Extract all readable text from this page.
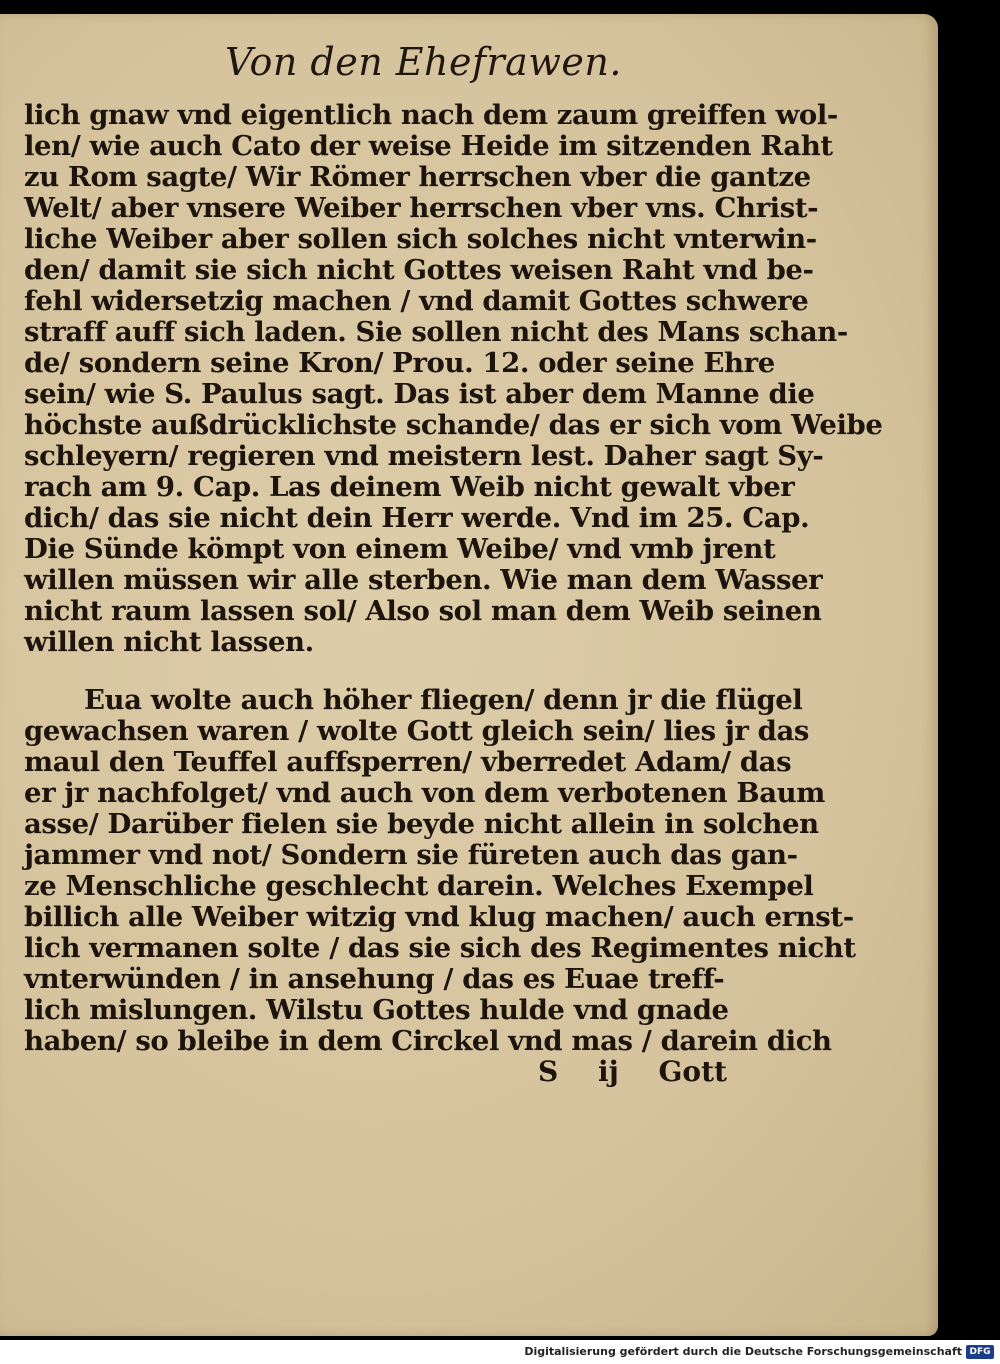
Von den Ehefrawen.
lich gnaw vnd eigentlich nach dem zaum greiffen wol-
len/ wie auch Cato der weise Heide im sitzenden Raht
zu Rom sagte/ Wir Römer herrschen vber die gantze
Welt/ aber vnsere Weiber herrschen vber vns. Christ-
liche Weiber aber sollen sich solches nicht vnterwin-
den/ damit sie sich nicht Gottes weisen Raht vnd be-
fehl widersetzig machen / vnd damit Gottes schwere
straff auff sich laden. Sie sollen nicht des Mans schan-
de/ sondern seine Kron/ Prou. 12. oder seine Ehre
sein/ wie S. Paulus sagt. Das ist aber dem Manne die
höchste außdrücklichste schande/ das er sich vom Weibe
schleyern/ regieren vnd meistern lest. Daher sagt Sy-
rach am 9. Cap. Las deinem Weib nicht gewalt vber
dich/ das sie nicht dein Herr werde. Vnd im 25. Cap.
Die Sünde kömpt von einem Weibe/ vnd vmb jrent
willen müssen wir alle sterben. Wie man dem Wasser
nicht raum lassen sol/ Also sol man dem Weib seinen
willen nicht lassen.
Eua wolte auch höher fliegen/ denn jr die flügel
gewachsen waren / wolte Gott gleich sein/ lies jr das
maul den Teuffel auffsperren/ vberredet Adam/ das
er jr nachfolget/ vnd auch von dem verbotenen Baum
asse/ Darüber fielen sie beyde nicht allein in solchen
jammer vnd not/ Sondern sie füreten auch das gan-
ze Menschliche geschlecht darein. Welches Exempel
billich alle Weiber witzig vnd klug machen/ auch ernst-
lich vermanen solte / das sie sich des Regimentes nicht
vnterwünden / in ansehung / das es Euae treff-
lich mislungen. Wilstu Gottes hulde vnd gnade
haben/ so bleibe in dem Circkel vnd mas / darein dich
S ij Gott
Digitalisierung gefördert durch die Deutsche Forschungsgemeinschaft DFG
